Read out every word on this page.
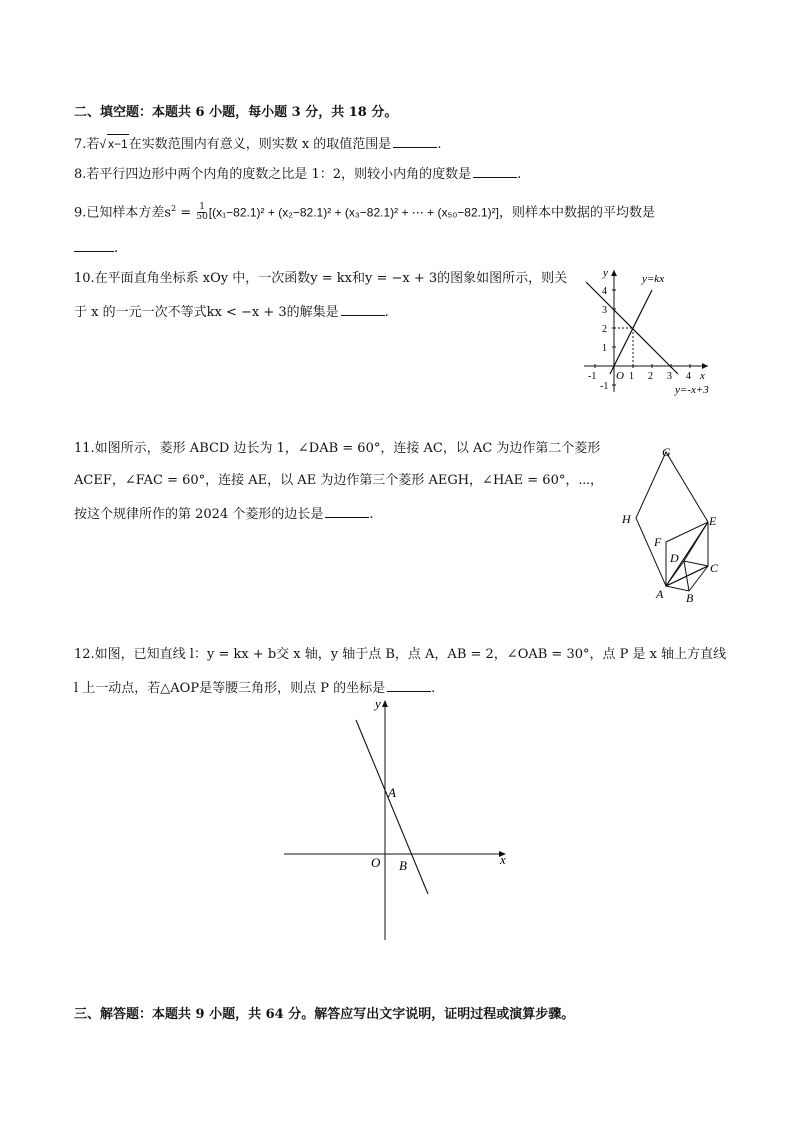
二、填空题：本题共 6 小题，每小题 3 分，共 18 分。
7.若√ x−1在实数范围内有意义，则实数 x 的取值范围是	.
8.若平行四边形中两个内角的度数之比是 1：2，则较小内角的度数是	.
9.已知样本方差$s^2 = \frac{1}{50} [(x_1-82.1)^2 + (x_2-82.1)^2 + (x_3-82.1)^2$ + ⋯ + (x₅₀−82.1)²]，则样本中数据的平均数是
.
10.在平面直角坐标系 xOy 中，一次函数y = kx和y = −x + 3的图象如图所示，则关
于 x 的一元一次不等式kx < −x + 3的解集是	.
y
x
O
y=kx
y=-x+3
4
3
2
1
-1
-1	1 2 3 4
11.如图所示，菱形 ABCD 边长为 1，∠DAB = 60°，连接 AC，以 AC 为边作第二个菱形
ACEF，∠FAC = 60°，连接 AE，以 AE 为边作第三个菱形 AEGH，∠HAE = 60°，⋯，
按这个规律所作的第 2024 个菱形的边长是	.
G
H	E
F
D
C
A B
12.如图，已知直线 l：y = kx + b交 x 轴，y 轴于点 B，点 A，AB = 2，∠OAB = 30°，点 P 是 x 轴上方直线
l 上一动点，若△AOP是等腰三角形，则点 P 的坐标是	.
y
x
A
O B
三、解答题：本题共 9 小题，共 64 分。解答应写出文字说明，证明过程或演算步骤。
